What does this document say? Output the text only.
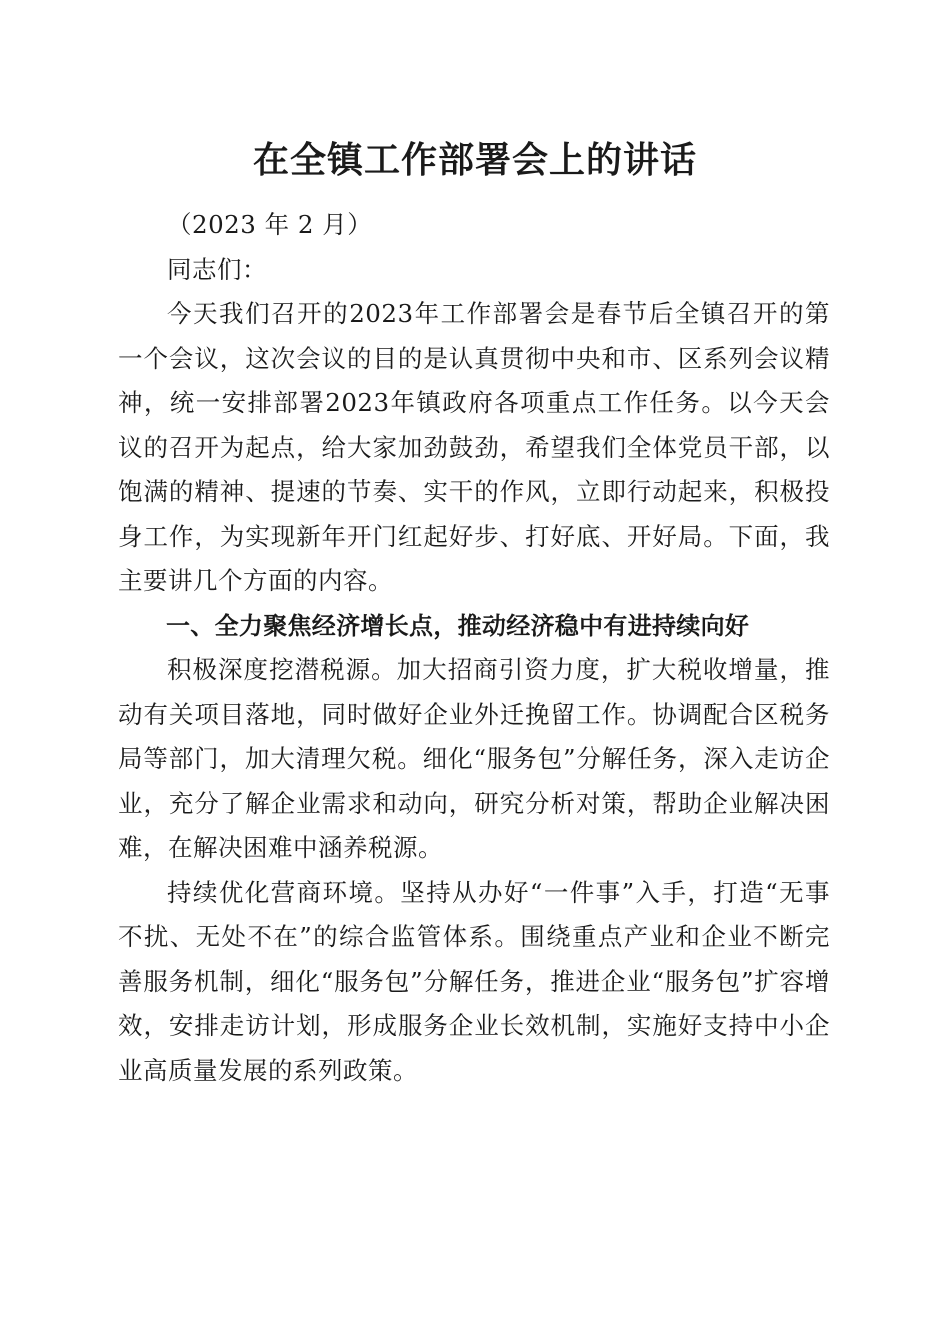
在全镇工作部署会上的讲话

（2023 年 2 月）

同志们：

今天我们召开的2023年工作部署会是春节后全镇召开的第一个会议，这次会议的目的是认真贯彻中央和市、区系列会议精神，统一安排部署2023年镇政府各项重点工作任务。以今天会议的召开为起点，给大家加劲鼓劲，希望我们全体党员干部，以饱满的精神、提速的节奏、实干的作风，立即行动起来，积极投身工作，为实现新年开门红起好步、打好底、开好局。下面，我主要讲几个方面的内容。

一、全力聚焦经济增长点，推动经济稳中有进持续向好

积极深度挖潜税源。加大招商引资力度，扩大税收增量，推动有关项目落地，同时做好企业外迁挽留工作。协调配合区税务局等部门，加大清理欠税。细化“服务包”分解任务，深入走访企业，充分了解企业需求和动向，研究分析对策，帮助企业解决困难，在解决困难中涵养税源。

持续优化营商环境。坚持从办好“一件事”入手，打造“无事不扰、无处不在”的综合监管体系。围绕重点产业和企业不断完善服务机制，细化“服务包”分解任务，推进企业“服务包”扩容增效，安排走访计划，形成服务企业长效机制，实施好支持中小企业高质量发展的系列政策。
